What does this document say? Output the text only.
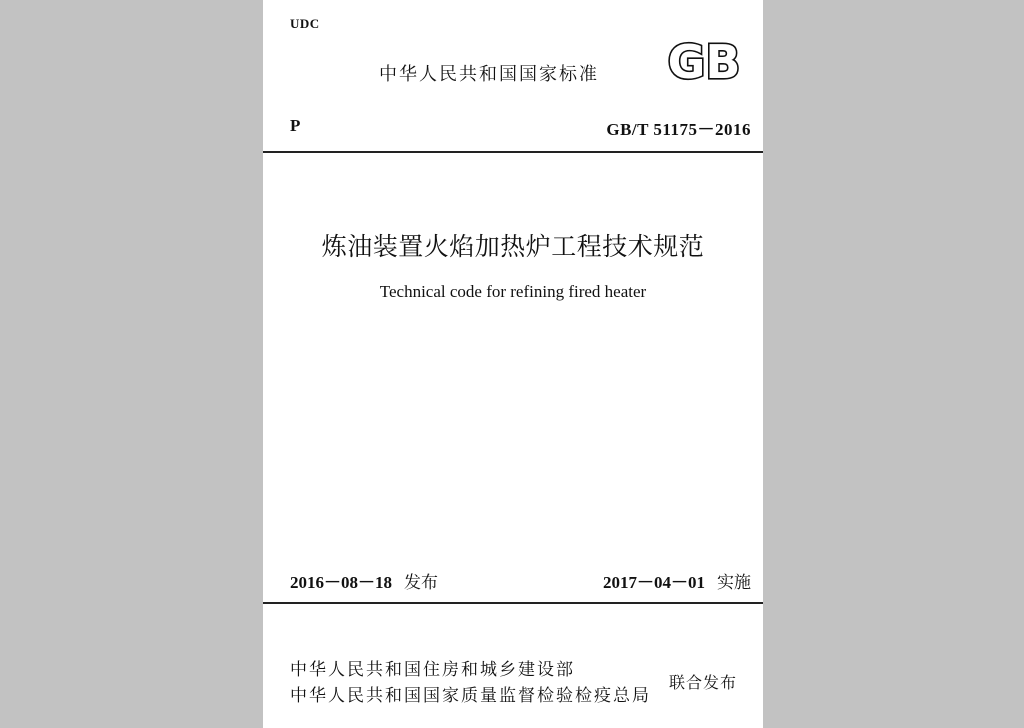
UDC
中华人民共和国国家标准 GB
P	GB/T 51175－2016
炼油装置火焰加热炉工程技术规范
Technical code for refining fired heater
2016－08－18 发布	2017－04－01 实施
中华人民共和国住房和城乡建设部
中华人民共和国国家质量监督检验检疫总局
联合发布
